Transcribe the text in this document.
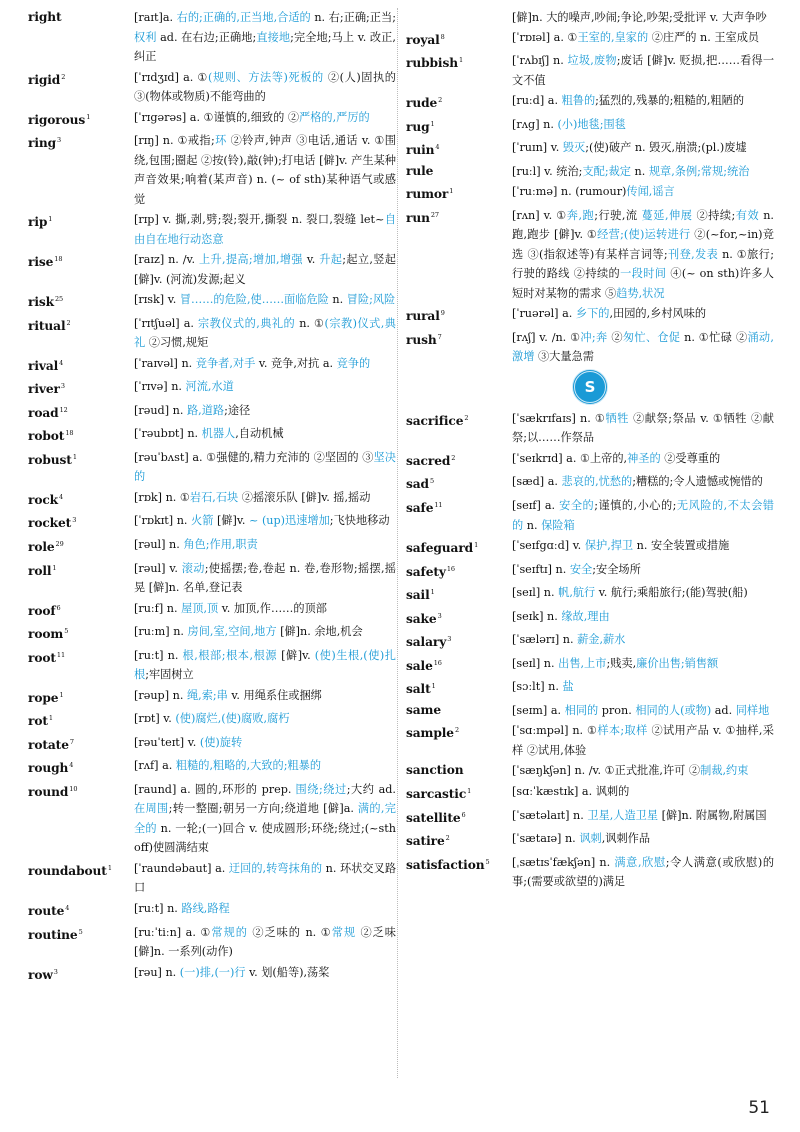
right	[raɪt]a. 右的;正确的,正当地,合适的 n. 右;正确;正当;权利 ad. 在右边;正确地;直接地;完全地;马上 v. 改正,纠正
rigid$^2$	[ˈrɪdʒɪd] a. ①(规则、方法等)死板的 ②(人)固执的 ③(物体或物质)不能弯曲的
rigorous$^1$	[ˈrɪgərəs] a. ①谨慎的,细致的 ②严格的,严厉的
ring$^3$	[rɪŋ] n. ①戒指;环 ②铃声,钟声 ③电话,通话 v. ①围绕,包围;圈起 ②按(铃),敲(钟);打电话 [僻]v. 产生某种声音效果;响着(某声音) n. (~ of sth)某种语气或感觉
rip$^1$	[rɪp] v. 撕,剥,劈;裂;裂开,撕裂 n. 裂口,裂缝 let~自由自在地行动恣意
rise$^{18}$	[raɪz] n. /v. 上升,提高;增加,增强 v. 升起;起立,竖起 [僻]v. (河流)发源;起义
risk$^{25}$	[rɪsk] v. 冒……的危险,使……面临危险 n. 冒险;风险
ritual$^2$	[ˈrɪtʃuəl] a. 宗教仪式的,典礼的 n. ①(宗教)仪式,典礼 ②习惯,规矩
rival$^4$	[ˈraɪvəl] n. 竞争者,对手 v. 竞争,对抗 a. 竞争的
river$^3$	[ˈrɪvə] n. 河流,水道
road$^{12}$	[rəud] n. 路,道路;途径
robot$^{18}$	[ˈrəubɒt] n. 机器人,自动机械
robust$^1$	[rəuˈbʌst] a. ①强健的,精力充沛的 ②坚固的 ③坚决的
rock$^4$	[rɒk] n. ①岩石,石块 ②摇滚乐队 [僻]v. 摇,摇动
rocket$^3$	[ˈrɒkɪt] n. 火箭 [僻]v. ~ (up)迅速增加;飞快地移动
role$^{29}$	[rəul] n. 角色;作用,职责
roll$^1$	[rəul] v. 滚动;使摇摆;卷,卷起 n. 卷,卷形物;摇摆,摇晃 [僻]n. 名单,登记表
roof$^6$	[ruːf] n. 屋顶,顶 v. 加顶,作……的顶部
room$^5$	[ruːm] n. 房间,室,空间,地方 [僻]n. 余地,机会
root$^{11}$	[ruːt] n. 根,根部;根本,根源 [僻]v. (使)生根,(使)扎根;牢固树立
rope$^1$	[rəup] n. 绳,索;串 v. 用绳系住或捆绑
rot$^1$	[rɒt] v. (使)腐烂,(使)腐败,腐朽
rotate$^7$	[rəuˈteɪt] v. (使)旋转
rough$^4$	[rʌf] a. 粗糙的,粗略的,大致的;粗暴的
round$^{10}$	[raund] a. 圆的,环形的 prep. 围绕;绕过;大约 ad. 在周围;转一整圈;朝另一方向;绕道地 [僻]a. 满的,完全的 n. 一轮;(一)回合 v. 使成圆形;环绕;绕过;(~sth off)使圆满结束
roundabout$^1$	[ˈraundəbaut] a. 迂回的,转弯抹角的 n. 环状交叉路口
route$^4$	[ruːt] n. 路线,路程
routine$^5$	[ruːˈtiːn] a. ①常规的 ②乏味的 n. ①常规 ②乏味 [僻]n. 一系列(动作)
row$^3$	[rəu] n. (一)排,(一)行 v. 划(船等),荡桨
[僻]n. 大的噪声,吵闹;争论,吵架;受批评 v. 大声争吵
royal$^8$	[ˈrɒɪəl] a. ①王室的,皇家的 ②庄严的 n. 王室成员
rubbish$^1$	[ˈrʌbɪʃ] n. 垃圾,废物;废话 [僻]v. 贬损,把……看得一文不值
rude$^2$	[ruːd] a. 粗鲁的;猛烈的,残暴的;粗糙的,粗陋的
rug$^1$	[rʌg] n. (小)地毯;围毯
ruin$^4$	[ˈruɪn] v. 毁灭;(使)破产 n. 毁灭,崩溃;(pl.)废墟
rule	[ruːl] v. 统治;支配;裁定 n. 规章,条例;常规;统治
rumor$^1$	[ˈruːmə] n. (rumour)传闻,谣言
run$^{27}$	[rʌn] v. ①奔,跑;行驶,流 蔓延,伸展 ②持续;有效 n. 跑,跑步 [僻]v. ①经营;(使)运转进行 ②(~for,~in)竞选 ③(指叙述等)有某样言词等;刊登,发表 n. ①旅行;行驶的路线 ②持续的一段时间 ④(~ on sth)许多人短时对某物的需求 ⑤趋势,状况
rural$^9$	[ˈruərəl] a. 乡下的,田园的,乡村风味的
rush$^7$	[rʌʃ] v. /n. ①冲;奔 ②匆忙、仓促 n. ①忙碌 ②涌动,激增 ③大量急需
S
sacrifice$^2$	[ˈsækrɪfaɪs] n. ①牺牲 ②献祭;祭品 v. ①牺牲 ②献祭;以……作祭品
sacred$^2$	[ˈseɪkrɪd] a. ①上帝的,神圣的 ②受尊重的
sad$^5$	[sæd] a. 悲哀的,忧愁的;糟糕的;令人遗憾或惋惜的
safe$^{11}$	[seɪf] a. 安全的;谨慎的,小心的;无风险的,不太会错的 n. 保险箱
safeguard$^1$	[ˈseɪfgɑːd] v. 保护,捍卫 n. 安全装置或措施
safety$^{16}$	[ˈseɪftɪ] n. 安全;安全场所
sail$^1$	[seɪl] n. 帆,航行 v. 航行;乘船旅行;(能)驾驶(船)
sake$^3$	[seɪk] n. 缘故,理由
salary$^3$	[ˈsælərɪ] n. 薪金,薪水
sale$^{16}$	[seɪl] n. 出售,上市;贱卖,廉价出售;销售额
salt$^1$	[sɔːlt] n. 盐
same	[seɪm] a. 相同的 pron. 相同的人(或物) ad. 同样地
sample$^2$	[ˈsɑːmpəl] n. ①样本;取样 ②试用产品 v. ①抽样,采样 ②试用,体验
sanction	[ˈsæŋkʃən] n. /v. ①正式批准,许可 ②制裁,约束
sarcastic$^1$	[sɑːˈkæstɪk] a. 讽刺的
satellite$^6$	[ˈsætəlaɪt] n. 卫星,人造卫星 [僻]n. 附属物,附属国
satire$^2$	[ˈsætaɪə] n. 讽刺,讽刺作品
satisfaction$^5$	[ˌsætɪsˈfækʃən] n. 满意,欣慰;令人满意(或欣慰)的事;(需要或欲望的)满足
51
